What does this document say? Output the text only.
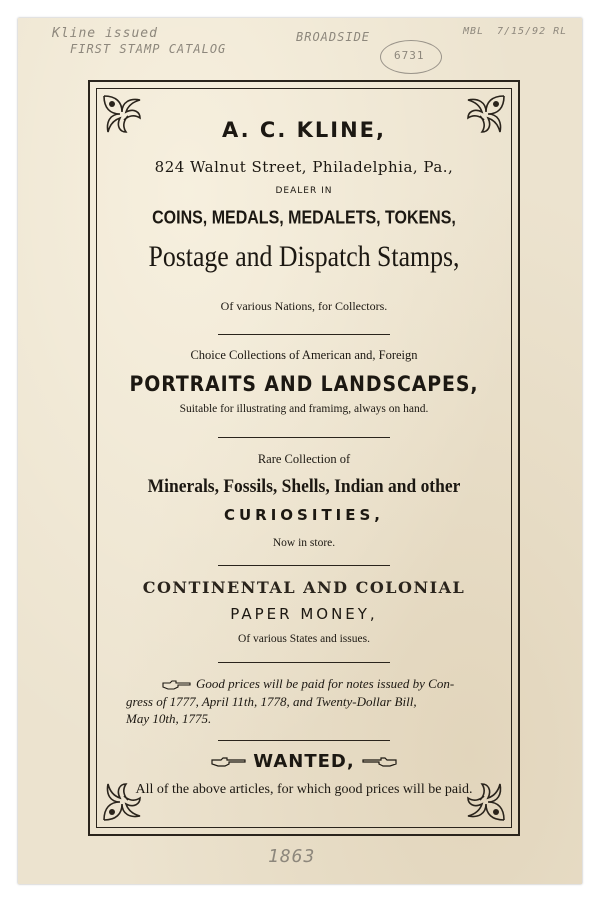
Kline issued
FIRST STAMP CATALOG
BROADSIDE
6731
MBL 7/15/92 RL
1863
A. C. KLINE,
824 Walnut Street, Philadelphia, Pa.,
DEALER IN
COINS, MEDALS, MEDALETS, TOKENS,
Postage and Dispatch Stamps,
Of various Nations, for Collectors.
Choice Collections of American and, Foreign
PORTRAITS AND LANDSCAPES,
Suitable for illustrating and framimg, always on hand.
Rare Collection of
Minerals, Fossils, Shells, Indian and other
CURIOSITIES,
Now in store.
CONTINENTAL AND COLONIAL
PAPER MONEY,
Of various States and issues.
Good prices will be paid for notes issued by Con-
gress of 1777, April 11th, 1778, and Twenty-Dollar Bill,
May 10th, 1775.
WANTED,
All of the above articles, for which good prices will be paid.
